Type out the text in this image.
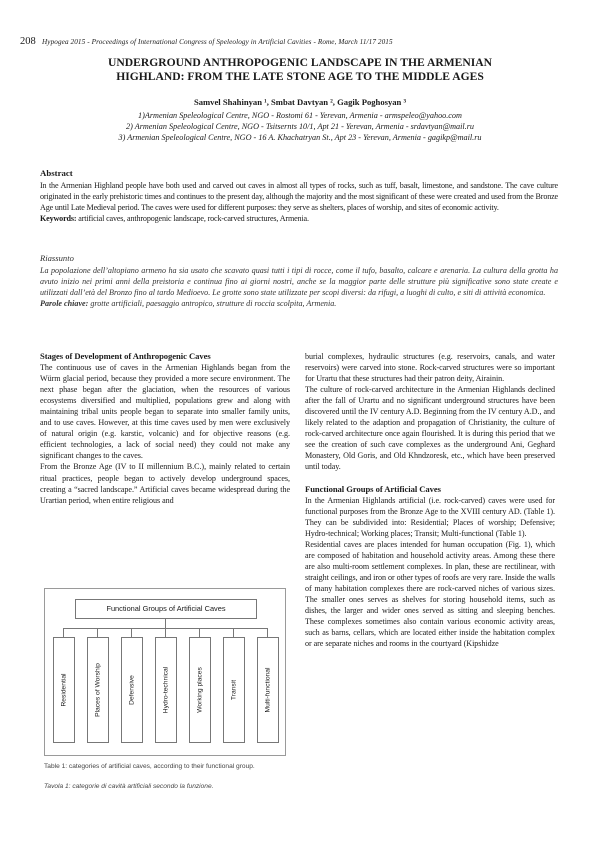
208 Hypogea 2015 - Proceedings of International Congress of Speleology in Artificial Cavities - Rome, March 11/17 2015
UNDERGROUND ANTHROPOGENIC LANDSCAPE IN THE ARMENIAN
HIGHLAND: FROM THE LATE STONE AGE TO THE MIDDLE AGES
Samvel Shahinyan ¹, Smbat Davtyan ², Gagik Poghosyan ³
1)Armenian Speleological Centre, NGO - Rostomi 61 - Yerevan, Armenia - armspeleo@yahoo.com
2) Armenian Speleological Centre, NGO - Tsitsernts 10/1, Apt 21 - Yerevan, Armenia - srdavtyan@mail.ru
3) Armenian Speleological Centre, NGO - 16 A. Khachatryan St., Apt 23 - Yerevan, Armenia - gagikp@mail.ru
Abstract
In the Armenian Highland people have both used and carved out caves in almost all types of rocks, such as tuff, basalt, limestone, and sandstone. The cave culture originated in the early prehistoric times and continues to the present day, although the majority and the most significant of these were created and used from the Bronze Age until Late Medieval period. The caves were used for different purposes: they serve as shelters, places of worship, and sites of economic activity.
Keywords: artificial caves, anthropogenic landscape, rock-carved structures, Armenia.
Riassunto
La popolazione dell’altopiano armeno ha sia usato che scavato quasi tutti i tipi di rocce, come il tufo, basalto, calcare e arenaria. La cultura della grotta ha avuto inizio nei primi anni della preistoria e continua fino ai giorni nostri, anche se la maggior parte delle strutture più significative sono state create e utilizzati dall’età del Bronzo fino al tardo Medioevo. Le grotte sono state utilizzate per scopi diversi: da rifugi, a luoghi di culto, e siti di attività economica.
Parole chiave: grotte artificiali, paesaggio antropico, strutture di roccia scolpita, Armenia.

Stages of Development of Anthropogenic Caves

The continuous use of caves in the Armenian Highlands began from the Würm glacial period, because they provided a more secure environment. The next phase began after the glaciation, when the resources of various ecosystems diversified and multiplied, populations grew and along with maintaining tribal units people began to separate into smaller family units, and to use caves. However, at this time caves used by men were exclusively of natural origin (e.g. karstic, volcanic) and for objective reasons (e.g. efficient technologies, a lack of social need) they could not make any significant changes to the caves.

From the Bronze Age (IV to II millennium B.C.), mainly related to certain ritual practices, people began to actively develop underground spaces, creating a “sacred landscape.” Artificial caves became widespread during the Urartian period, when entire religious and

burial complexes, hydraulic structures (e.g. reservoirs, canals, and water reservoirs) were carved into stone. Rock-carved structures were so important for Urartu that these structures had their patron deity, Airainin.

The culture of rock-carved architecture in the Armenian Highlands declined after the fall of Urartu and no significant underground structures have been discovered until the IV century A.D. Beginning from the IV century A.D., and likely related to the adaption and propagation of Christianity, the culture of rock-carved architecture once again flourished. It is during this period that we see the creation of such cave complexes as the underground Ani, Geghard Monastery, Old Goris, and Old Khndzoresk, etc., which have been preserved until today.

Functional Groups of Artificial Caves

In the Armenian Highlands artificial (i.e. rock-carved) caves were used for functional purposes from the Bronze Age to the XVIII century AD. (Table 1). They can be subdivided into: Residential; Places of worship; Defensive; Hydro-technical; Working places; Transit; Multi-functional (Table 1).

Residential caves are places intended for human occupation (Fig. 1), which are composed of habitation and household activity areas. Among these there are also multi-room settlement complexes. In plan, these are rectilinear, with straight ceilings, and iron or other types of roofs are very rare. Inside the walls of many habitation complexes there are rock-carved niches of various sizes. The smaller ones serves as shelves for storing household items, such as dishes, the larger and wider ones served as sitting and sleeping benches. These complexes sometimes also contain various economic activity areas, such as barns, cellars, which are located either inside the habitation complex or are separate niches and rooms in the courtyard (Kipshidze

Functional Groups of Artificial Caves
Residential	Places of Worship	Defensive	Hydro-technical	Working places	Transit	Multi-functional
Table 1: categories of artificial caves, according to their functional group.
Tavola 1: categorie di cavità artificiali secondo la funzione.
